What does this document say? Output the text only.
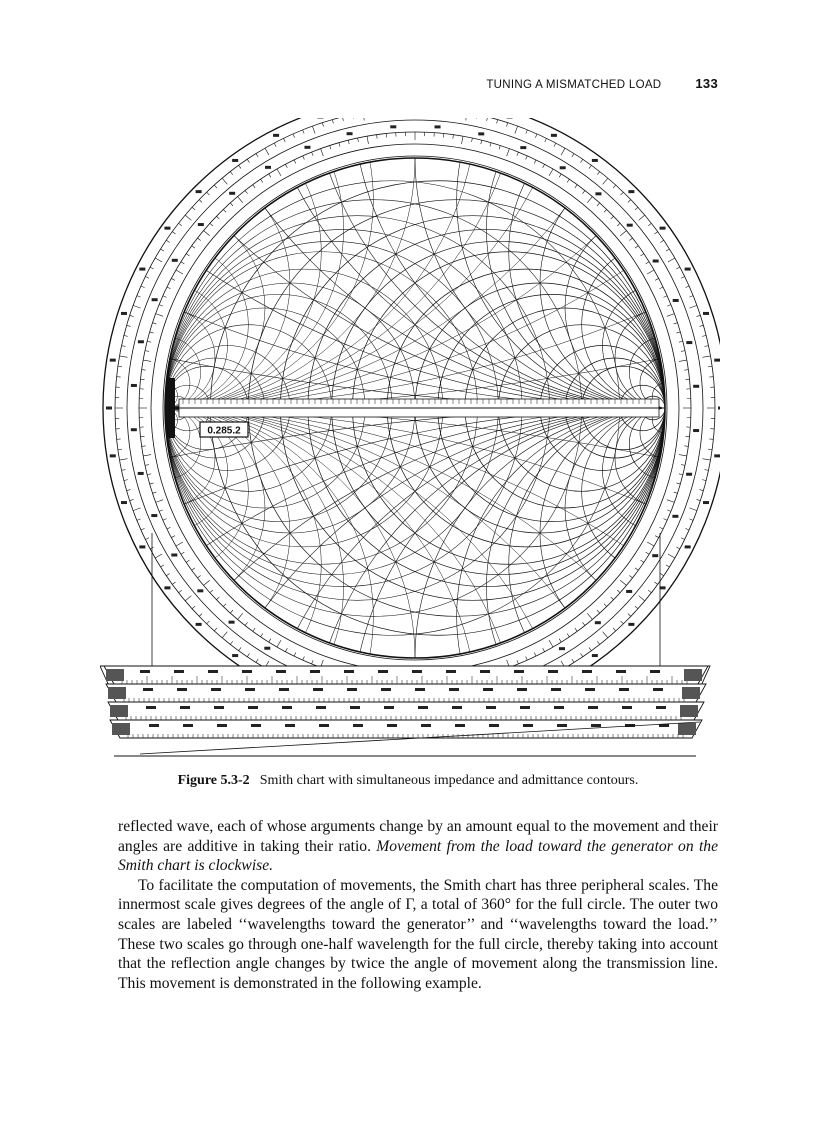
TUNING A MISMATCHED LOAD	133
0.285.2
Figure 5.3-2 Smith chart with simultaneous impedance and admittance contours.

reflected wave, each of whose arguments change by an amount equal to the movement and their angles are additive in taking their ratio. Movement from the load toward the generator on the Smith chart is clockwise.

To facilitate the computation of movements, the Smith chart has three peripheral scales. The innermost scale gives degrees of the angle of Γ, a total of 360° for the full circle. The outer two scales are labeled ‘‘wavelengths toward the generator’’ and ‘‘wavelengths toward the load.’’ These two scales go through one-half wavelength for the full circle, thereby taking into account that the reflection angle changes by twice the angle of movement along the transmission line. This movement is demonstrated in the following example.
